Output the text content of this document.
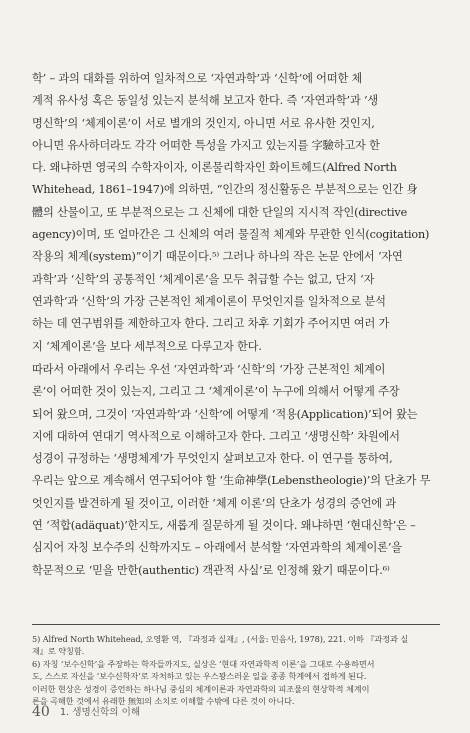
학’ – 과의 대화를 위하여 일차적으로 ‘자연과학’과 ‘신학’에 어떠한 체
계적 유사성 혹은 동일성 있는지 분석해 보고자 한다. 즉 ‘자연과학’과 ‘생
명신학’의 ‘체계이론’이 서로 별개의 것인지, 아니면 서로 유사한 것인지,
아니면 유사하더라도 각각 어떠한 특성을 가지고 있는지를 字驗하고자 한
다. 왜냐하면 영국의 수학자이자, 이론물리학자인 화이트헤드(Alfred North
Whitehead, 1861–1947)에 의하면, “인간의 정신활동은 부분적으로는 인간 身
體의 산물이고, 또 부분적으로는 그 신체에 대한 단일의 지시적 작인(directive
agency)이며, 또 얼마간은 그 신체의 여러 물질적 체계와 무관한 인식(cogitation)
작용의 체계(system)”이기 때문이다.⁵⁾ 그러나 하나의 작은 논문 안에서 ‘자연
과학’과 ‘신학’의 공통적인 ‘체계이론’을 모두 취급할 수는 없고, 단지 ‘자
연과학’과 ‘신학’의 가장 근본적인 체계이론이 무엇인지를 일차적으로 분석
하는 데 연구범위를 제한하고자 한다. 그리고 차후 기회가 주어지면 여러 가
지 ‘체계이론’을 보다 세부적으로 다루고자 한다.
따라서 아래에서 우리는 우선 ‘자연과학’과 ‘신학’의 ‘가장 근본적인 체계이
론’이 어떠한 것이 있는지, 그리고 그 ‘체계이론’이 누구에 의해서 어떻게 주장
되어 왔으며, 그것이 ‘자연과학’과 ‘신학’에 어떻게 ‘적용(Application)’되어 왔는
지에 대하여 연대기 역사적으로 이해하고자 한다. 그리고 ‘생명신학’ 차원에서
성경이 규정하는 ‘생명체계’가 무엇인지 살펴보고자 한다. 이 연구를 통하여,
우리는 앞으로 계속해서 연구되어야 할 ‘生命神學(Lebenstheologie)’의 단초가 무
엇인지를 발견하게 될 것이고, 이러한 ‘체계 이론’의 단초가 성경의 증언에 과
연 ‘적합(adäquat)’한지도, 새롭게 질문하게 될 것이다. 왜냐하면 ‘현대신학’은 –
심지어 자칭 보수주의 신학까지도 – 아래에서 분석할 ‘자연과학의 체계이론’을
학문적으로 ‘믿을 만한(authentic) 객관적 사실’로 인정해 왔기 때문이다.⁶⁾
5) Alfred North Whitehead, 오영환 역, 『과정과 실재』, (서울: 민음사, 1978), 221. 이하 『과정과 실
재』로 약칭함.
6) 자칭 ‘보수신학’을 주장하는 학자들까지도, 실상은 ‘현대 자연과학적 이론’을 그대로 수용하면서
도, 스스로 자신을 ‘보수신학자’로 자처하고 있는 우스꽝스러운 일을 종종 학계에서 접하게 된다.
이러한 현상은 성경이 증언하는 하나님 중심의 체계이론과 자연과학의 피조물의 현상학적 체계이
론을 곡해한 것에서 유래한 無知의 소치로 이해할 수밖에 다른 것이 아니다.
40 1. 생명신학의 이해
